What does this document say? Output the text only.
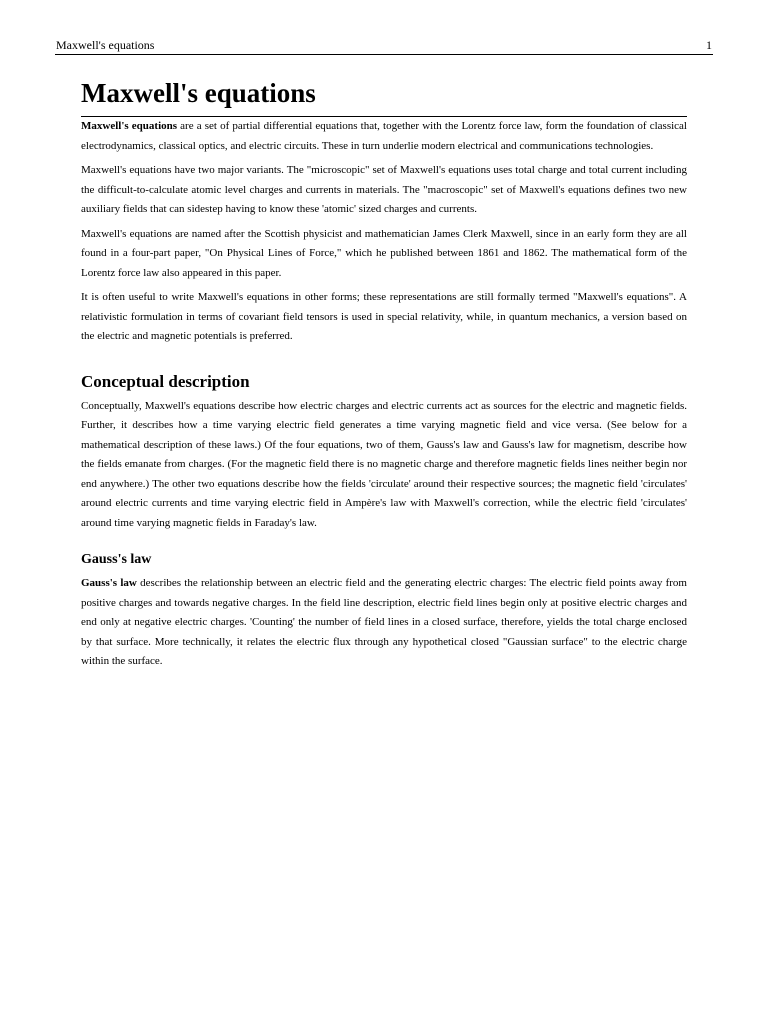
Maxwell's equations	1
Maxwell's equations

Maxwell's equations are a set of partial differential equations that, together with the Lorentz force law, form the foundation of classical electrodynamics, classical optics, and electric circuits. These in turn underlie modern electrical and communications technologies.

Maxwell's equations have two major variants. The "microscopic" set of Maxwell's equations uses total charge and total current including the difficult-to-calculate atomic level charges and currents in materials. The "macroscopic" set of Maxwell's equations defines two new auxiliary fields that can sidestep having to know these 'atomic' sized charges and currents.

Maxwell's equations are named after the Scottish physicist and mathematician James Clerk Maxwell, since in an early form they are all found in a four-part paper, "On Physical Lines of Force," which he published between 1861 and 1862. The mathematical form of the Lorentz force law also appeared in this paper.

It is often useful to write Maxwell's equations in other forms; these representations are still formally termed "Maxwell's equations". A relativistic formulation in terms of covariant field tensors is used in special relativity, while, in quantum mechanics, a version based on the electric and magnetic potentials is preferred.

Conceptual description

Conceptually, Maxwell's equations describe how electric charges and electric currents act as sources for the electric and magnetic fields. Further, it describes how a time varying electric field generates a time varying magnetic field and vice versa. (See below for a mathematical description of these laws.) Of the four equations, two of them, Gauss's law and Gauss's law for magnetism, describe how the fields emanate from charges. (For the magnetic field there is no magnetic charge and therefore magnetic fields lines neither begin nor end anywhere.) The other two equations describe how the fields 'circulate' around their respective sources; the magnetic field 'circulates' around electric currents and time varying electric field in Ampère's law with Maxwell's correction, while the electric field 'circulates' around time varying magnetic fields in Faraday's law.

Gauss's law

Gauss's law describes the relationship between an electric field and the generating electric charges: The electric field points away from positive charges and towards negative charges. In the field line description, electric field lines begin only at positive electric charges and end only at negative electric charges. 'Counting' the number of field lines in a closed surface, therefore, yields the total charge enclosed by that surface. More technically, it relates the electric flux through any hypothetical closed "Gaussian surface" to the electric charge within the surface.
